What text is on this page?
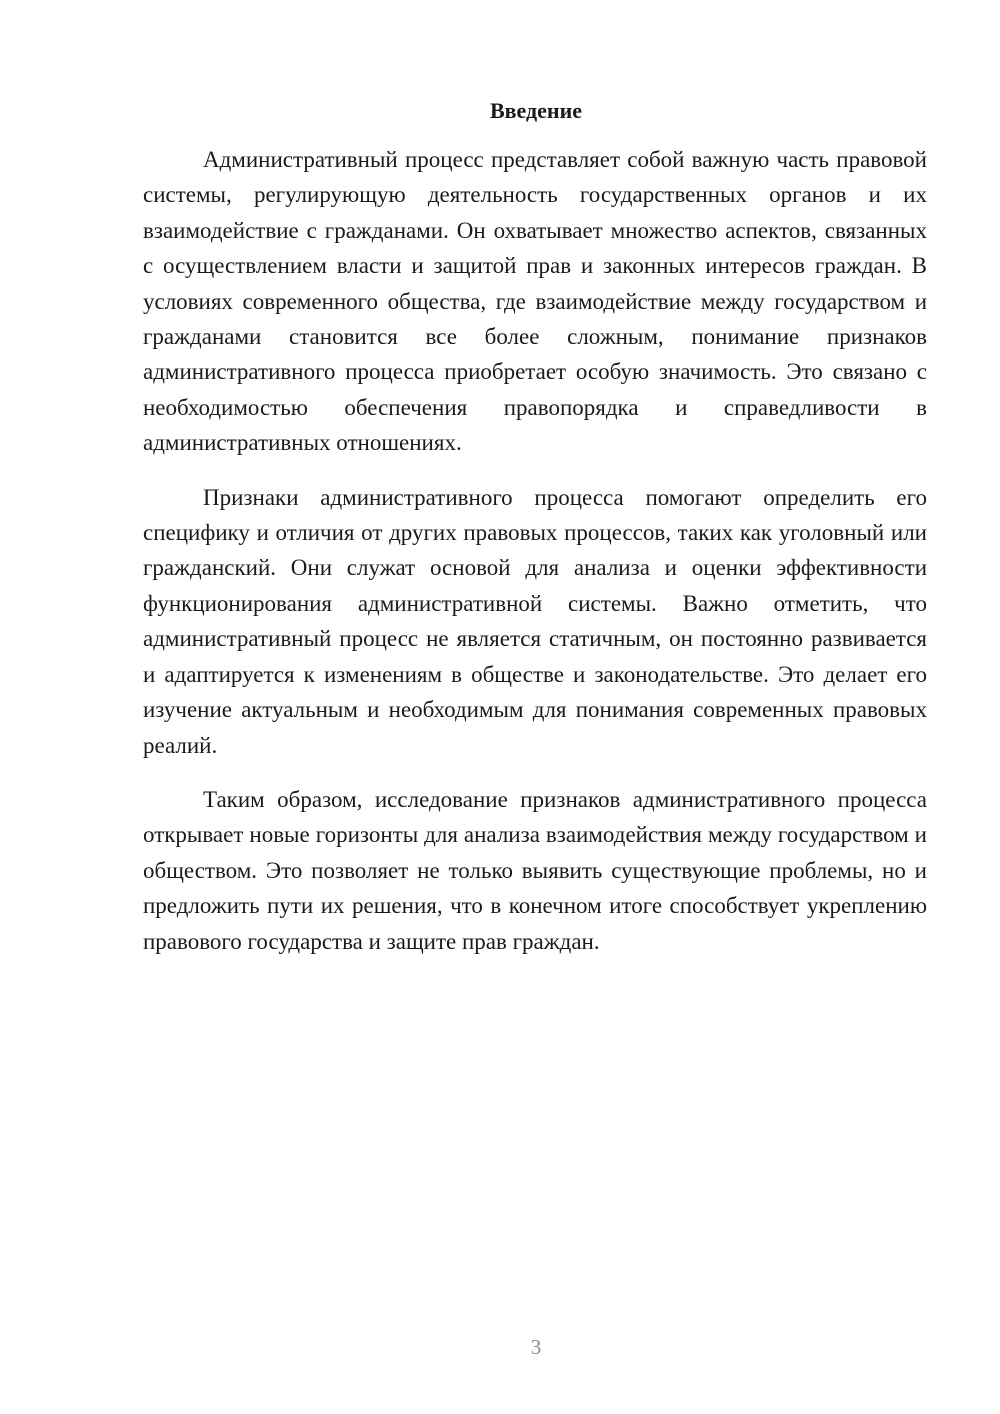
Введение

Административный процесс представляет собой важную часть правовой системы, регулирующую деятельность государственных органов и их взаимодействие с гражданами. Он охватывает множество аспектов, связанных с осуществлением власти и защитой прав и законных интересов граждан. В условиях современного общества, где взаимодействие между государством и гражданами становится все более сложным, понимание признаков административного процесса приобретает особую значимость. Это связано с необходимостью обеспечения правопорядка и справедливости в административных отношениях.

Признаки административного процесса помогают определить его специфику и отличия от других правовых процессов, таких как уголовный или гражданский. Они служат основой для анализа и оценки эффективности функционирования административной системы. Важно отметить, что административный процесс не является статичным, он постоянно развивается и адаптируется к изменениям в обществе и законодательстве. Это делает его изучение актуальным и необходимым для понимания современных правовых реалий.

Таким образом, исследование признаков административного процесса открывает новые горизонты для анализа взаимодействия между государством и обществом. Это позволяет не только выявить существующие проблемы, но и предложить пути их решения, что в конечном итоге способствует укреплению правового государства и защите прав граждан.

3
